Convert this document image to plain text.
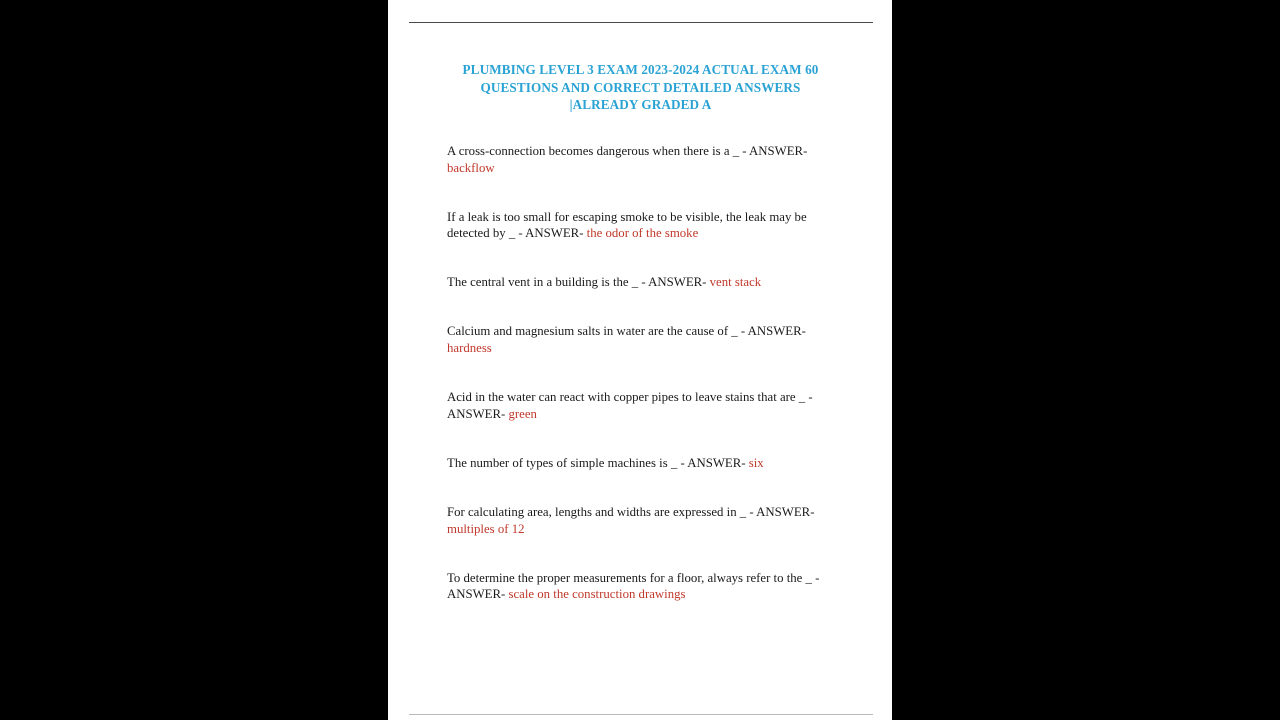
PLUMBING LEVEL 3 EXAM 2023-2024 ACTUAL EXAM 60
QUESTIONS AND CORRECT DETAILED ANSWERS
|ALREADY GRADED A

A cross-connection becomes dangerous when there is a _ - ANSWER- backflow

If a leak is too small for escaping smoke to be visible, the leak may be detected by _ - ANSWER- the odor of the smoke

The central vent in a building is the _ - ANSWER- vent stack

Calcium and magnesium salts in water are the cause of _ - ANSWER- hardness

Acid in the water can react with copper pipes to leave stains that are _ - ANSWER- green

The number of types of simple machines is _ - ANSWER- six

For calculating area, lengths and widths are expressed in _ - ANSWER- multiples of 12

To determine the proper measurements for a floor, always refer to the _ - ANSWER- scale on the construction drawings
